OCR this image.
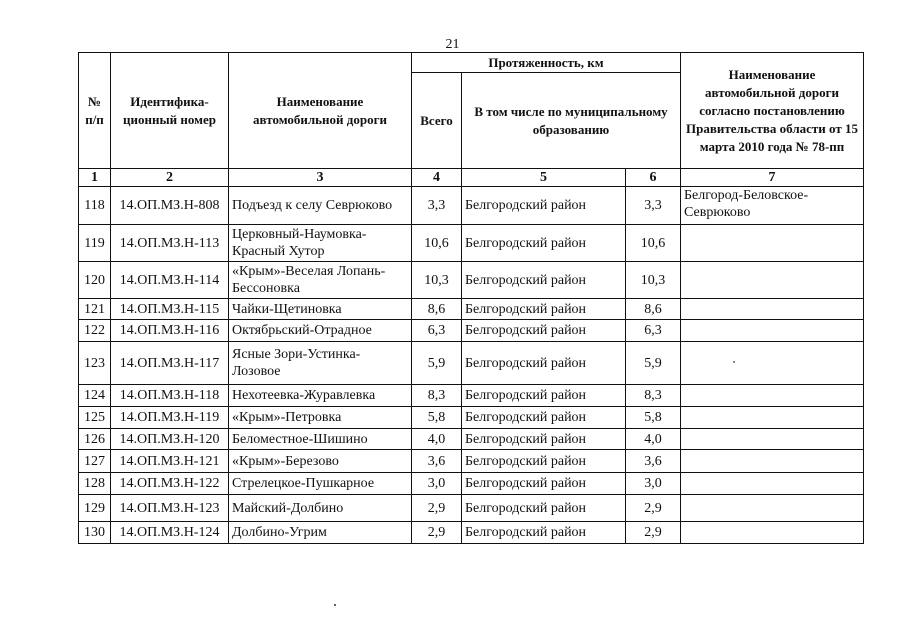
21
№ п/п	Идентифика-ционный номер	Наименование автомобильной дороги	Протяженность, км			Наименование автомобильной дороги согласно постановлению Правительства области от 15 марта 2010 года № 78-пп
			Всего	В том числе по муниципальному образованию		
1	2	3	4	5	6	7
118	14.ОП.МЗ.Н-808	Подъезд к селу Севрюково	3,3	Белгородский район	3,3	Белгород-Беловское-Севрюково
119	14.ОП.МЗ.Н-113	Церковный-Наумовка-Красный Хутор	10,6	Белгородский район	10,6	
120	14.ОП.МЗ.Н-114	«Крым»-Веселая Лопань-Бессоновка	10,3	Белгородский район	10,3	
121	14.ОП.МЗ.Н-115	Чайки-Щетиновка	8,6	Белгородский район	8,6	
122	14.ОП.МЗ.Н-116	Октябрьский-Отрадное	6,3	Белгородский район	6,3	
123	14.ОП.МЗ.Н-117	Ясные Зори-Устинка-Лозовое	5,9	Белгородский район	5,9	
124	14.ОП.МЗ.Н-118	Нехотеевка-Журавлевка	8,3	Белгородский район	8,3	
125	14.ОП.МЗ.Н-119	«Крым»-Петровка	5,8	Белгородский район	5,8	
126	14.ОП.МЗ.Н-120	Беломестное-Шишино	4,0	Белгородский район	4,0	
127	14.ОП.МЗ.Н-121	«Крым»-Березово	3,6	Белгородский район	3,6	
128	14.ОП.МЗ.Н-122	Стрелецкое-Пушкарное	3,0	Белгородский район	3,0	
129	14.ОП.МЗ.Н-123	Майский-Долбино	2,9	Белгородский район	2,9	
130	14.ОП.МЗ.Н-124	Долбино-Угрим	2,9	Белгородский район	2,9	
